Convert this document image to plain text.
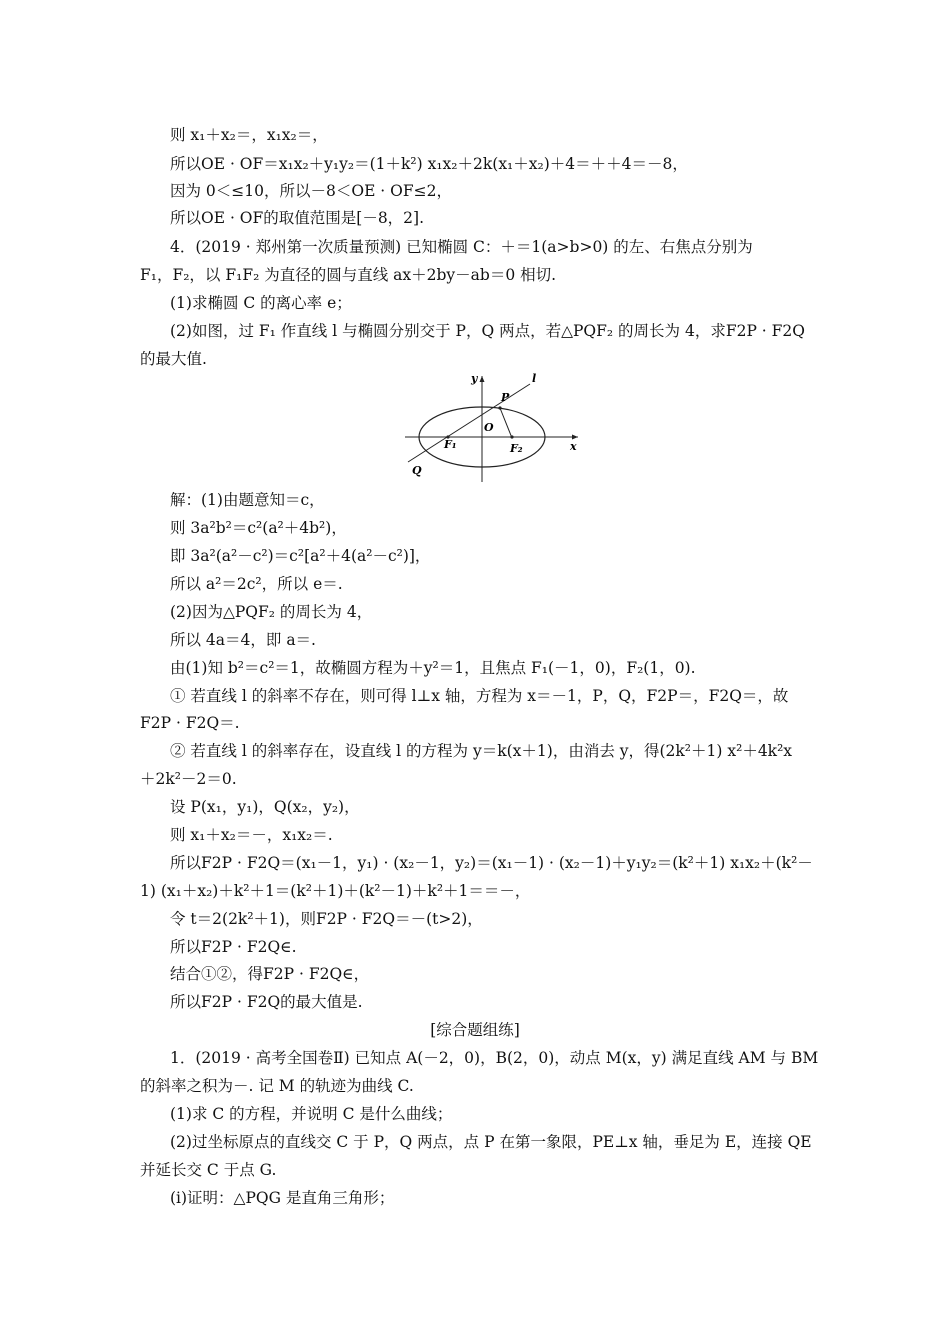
则 x₁＋x₂＝，x₁x₂＝，
所以OE · OF＝x₁x₂＋y₁y₂＝(1＋k²) x₁x₂＋2k(x₁＋x₂)＋4＝＋＋4＝－8，
因为 0＜≤10，所以－8＜OE · OF≤2，
所以OE · OF的取值范围是[－8，2].
4．(2019 · 郑州第一次质量预测) 已知椭圆 C：＋＝1(a>b>0) 的左、右焦点分别为
F₁，F₂，以 F₁F₂ 为直径的圆与直线 ax＋2by－ab＝0 相切.
(1)求椭圆 C 的离心率 e；
(2)如图，过 F₁ 作直线 l 与椭圆分别交于 P，Q 两点，若△PQF₂ 的周长为 4，求F2P · F2Q
的最大值.
y
x
l
P
O
F₁	F₂
Q
解：(1)由题意知＝c，
则 3a²b²＝c²(a²＋4b²)，
即 3a²(a²－c²)＝c²[a²＋4(a²－c²)]，
所以 a²＝2c²，所以 e＝.
(2)因为△PQF₂ 的周长为 4，
所以 4a＝4，即 a＝.
由(1)知 b²＝c²＝1，故椭圆方程为＋y²＝1，且焦点 F₁(－1，0)，F₂(1，0).
① 若直线 l 的斜率不存在，则可得 l⊥x 轴，方程为 x＝－1，P，Q，F2P＝，F2Q＝，故
F2P · F2Q＝.
② 若直线 l 的斜率存在，设直线 l 的方程为 y＝k(x＋1)，由消去 y，得(2k²＋1) x²＋4k²x
＋2k²－2＝0.
设 P(x₁，y₁)，Q(x₂，y₂)，
则 x₁＋x₂＝－，x₁x₂＝.
所以F2P · F2Q＝(x₁－1，y₁) · (x₂－1，y₂)＝(x₁－1) · (x₂－1)＋y₁y₂＝(k²＋1) x₁x₂＋(k²－
1) (x₁＋x₂)＋k²＋1＝(k²＋1)＋(k²－1)＋k²＋1＝＝－，
令 t＝2(2k²＋1)，则F2P · F2Q＝－(t>2)，
所以F2P · F2Q∈.
结合①②，得F2P · F2Q∈，
所以F2P · F2Q的最大值是.
[综合题组练]
1．(2019 · 高考全国卷Ⅱ) 已知点 A(－2，0)，B(2，0)，动点 M(x，y) 满足直线 AM 与 BM
的斜率之积为－. 记 M 的轨迹为曲线 C.
(1)求 C 的方程，并说明 C 是什么曲线；
(2)过坐标原点的直线交 C 于 P，Q 两点，点 P 在第一象限，PE⊥x 轴，垂足为 E，连接 QE
并延长交 C 于点 G.
(ⅰ)证明：△PQG 是直角三角形；
